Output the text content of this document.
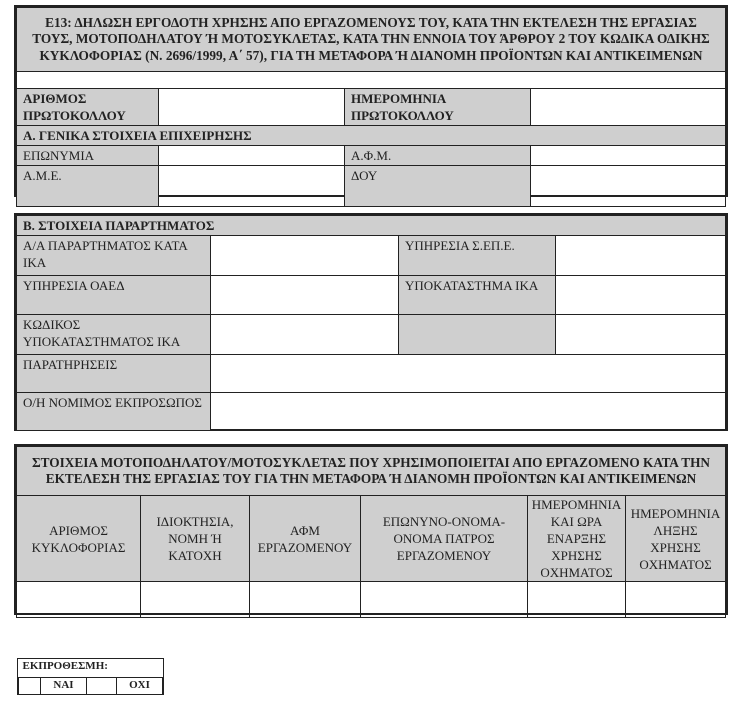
Ε13: ΔΗΛΩΣΗ ΕΡΓΟΔΟΤΗ ΧΡΗΣΗΣ ΑΠΟ ΕΡΓΑΖΟΜΕΝΟΥΣ ΤΟΥ, ΚΑΤΑ ΤΗΝ ΕΚΤΕΛΕΣΗ ΤΗΣ ΕΡΓΑΣΙΑΣ ΤΟΥΣ, ΜΟΤΟΠΟΔΗΛΑΤΟΥ Ή ΜΟΤΟΣΥΚΛΕΤΑΣ, ΚΑΤΑ ΤΗΝ ΕΝΝΟΙΑ ΤΟΥ ΆΡΘΡΟΥ 2 ΤΟΥ ΚΩΔΙΚΑ ΟΔΙΚΗΣ ΚΥΚΛΟΦΟΡΙΑΣ (Ν. 2696/1999, Α΄ 57), ΓΙΑ ΤΗ ΜΕΤΑΦΟΡΑ Ή ΔΙΑΝΟΜΗ ΠΡΟΪΟΝΤΩΝ ΚΑΙ ΑΝΤΙΚΕΙΜΕΝΩΝ			

ΑΡΙΘΜΟΣ ΠΡΩΤΟΚΟΛΛΟΥ		ΗΜΕΡΟΜΗΝΙΑ ΠΡΩΤΟΚΟΛΛΟΥ	
Α. ΓΕΝΙΚΑ ΣΤΟΙΧΕΙΑ ΕΠΙΧΕΙΡΗΣΗΣ			
ΕΠΩΝΥΜΙΑ		Α.Φ.Μ.	
Α.Μ.Ε.		ΔΟΥ	
Β. ΣΤΟΙΧΕΙΑ ΠΑΡΑΡΤΗΜΑΤΟΣ			
Α/Α ΠΑΡΑΡΤΗΜΑΤΟΣ ΚΑΤΑ ΙΚΑ		ΥΠΗΡΕΣΙΑ Σ.ΕΠ.Ε.	
ΥΠΗΡΕΣΙΑ ΟΑΕΔ		ΥΠΟΚΑΤΑΣΤΗΜΑ ΙΚΑ	
ΚΩΔΙΚΟΣ ΥΠΟΚΑΤΑΣΤΗΜΑΤΟΣ ΙΚΑ			
ΠΑΡΑΤΗΡΗΣΕΙΣ			
Ο/Η ΝΟΜΙΜΟΣ ΕΚΠΡΟΣΩΠΟΣ			
ΣΤΟΙΧΕΙΑ ΜΟΤΟΠΟΔΗΛΑΤΟΥ/ΜΟΤΟΣΥΚΛΕΤΑΣ ΠΟΥ ΧΡΗΣΙΜΟΠΟΙΕΙΤΑΙ ΑΠΟ ΕΡΓΑΖΟΜΕΝΟ ΚΑΤΑ ΤΗΝ ΕΚΤΕΛΕΣΗ ΤΗΣ ΕΡΓΑΣΙΑΣ ΤΟΥ ΓΙΑ ΤΗΝ ΜΕΤΑΦΟΡΑ Ή ΔΙΑΝΟΜΗ ΠΡΟΪΟΝΤΩΝ ΚΑΙ ΑΝΤΙΚΕΙΜΕΝΩΝ					
ΑΡΙΘΜΟΣ ΚΥΚΛΟΦΟΡΙΑΣ	ΙΔΙΟΚΤΗΣΙΑ, ΝΟΜΗ Ή ΚΑΤΟΧΗ	ΑΦΜ ΕΡΓΑΖΟΜΕΝΟΥ	ΕΠΩΝΥΝΟ-ΟΝΟΜΑ-ΟΝΟΜΑ ΠΑΤΡΟΣ ΕΡΓΑΖΟΜΕΝΟΥ	ΗΜΕΡΟΜΗΝΙΑ ΚΑΙ ΩΡΑ ΕΝΑΡΞΗΣ ΧΡΗΣΗΣ ΟΧΗΜΑΤΟΣ	ΗΜΕΡΟΜΗΝΙΑ ΛΗΞΗΣ ΧΡΗΣΗΣ ΟΧΗΜΑΤΟΣ

ΕΚΠΡΟΘΕΣΜΗ:
	ΝΑΙ		ΟΧΙ
